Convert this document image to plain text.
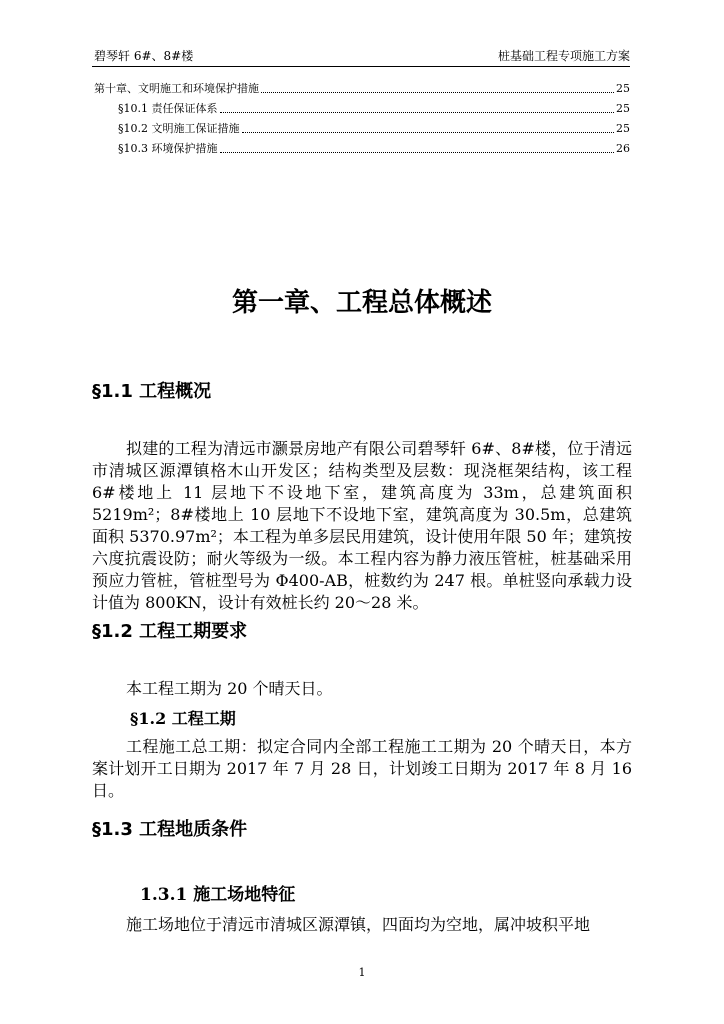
碧琴轩 6#、8#楼	桩基础工程专项施工方案
第十章、文明施工和环境保护措施	25
§10.1 责任保证体系	25
§10.2 文明施工保证措施	25
§10.3 环境保护措施	26
第一章、工程总体概述
§1.1 工程概况
拟建的工程为清远市灏景房地产有限公司碧琴轩 6#、8#楼，位于清远市清城区源潭镇格木山开发区；结构类型及层数：现浇框架结构，该工程 6#楼地上 11 层地下不设地下室，建筑高度为 33m，总建筑面积 5219m²；8#楼地上 10 层地下不设地下室，建筑高度为 30.5m，总建筑面积 5370.97m²；本工程为单多层民用建筑，设计使用年限 50 年；建筑按六度抗震设防；耐火等级为一级。本工程内容为静力液压管桩，桩基础采用预应力管桩，管桩型号为 Φ400-AB，桩数约为 247 根。单桩竖向承载力设计值为 800KN，设计有效桩长约 20～28 米。
§1.2 工程工期要求
本工程工期为 20 个晴天日。
§1.2 工程工期
工程施工总工期：拟定合同内全部工程施工工期为 20 个晴天日，本方案计划开工日期为 2017 年 7 月 28 日，计划竣工日期为 2017 年 8 月 16 日。
§1.3 工程地质条件
1.3.1 施工场地特征
施工场地位于清远市清城区源潭镇，四面均为空地，属冲坡积平地
1
